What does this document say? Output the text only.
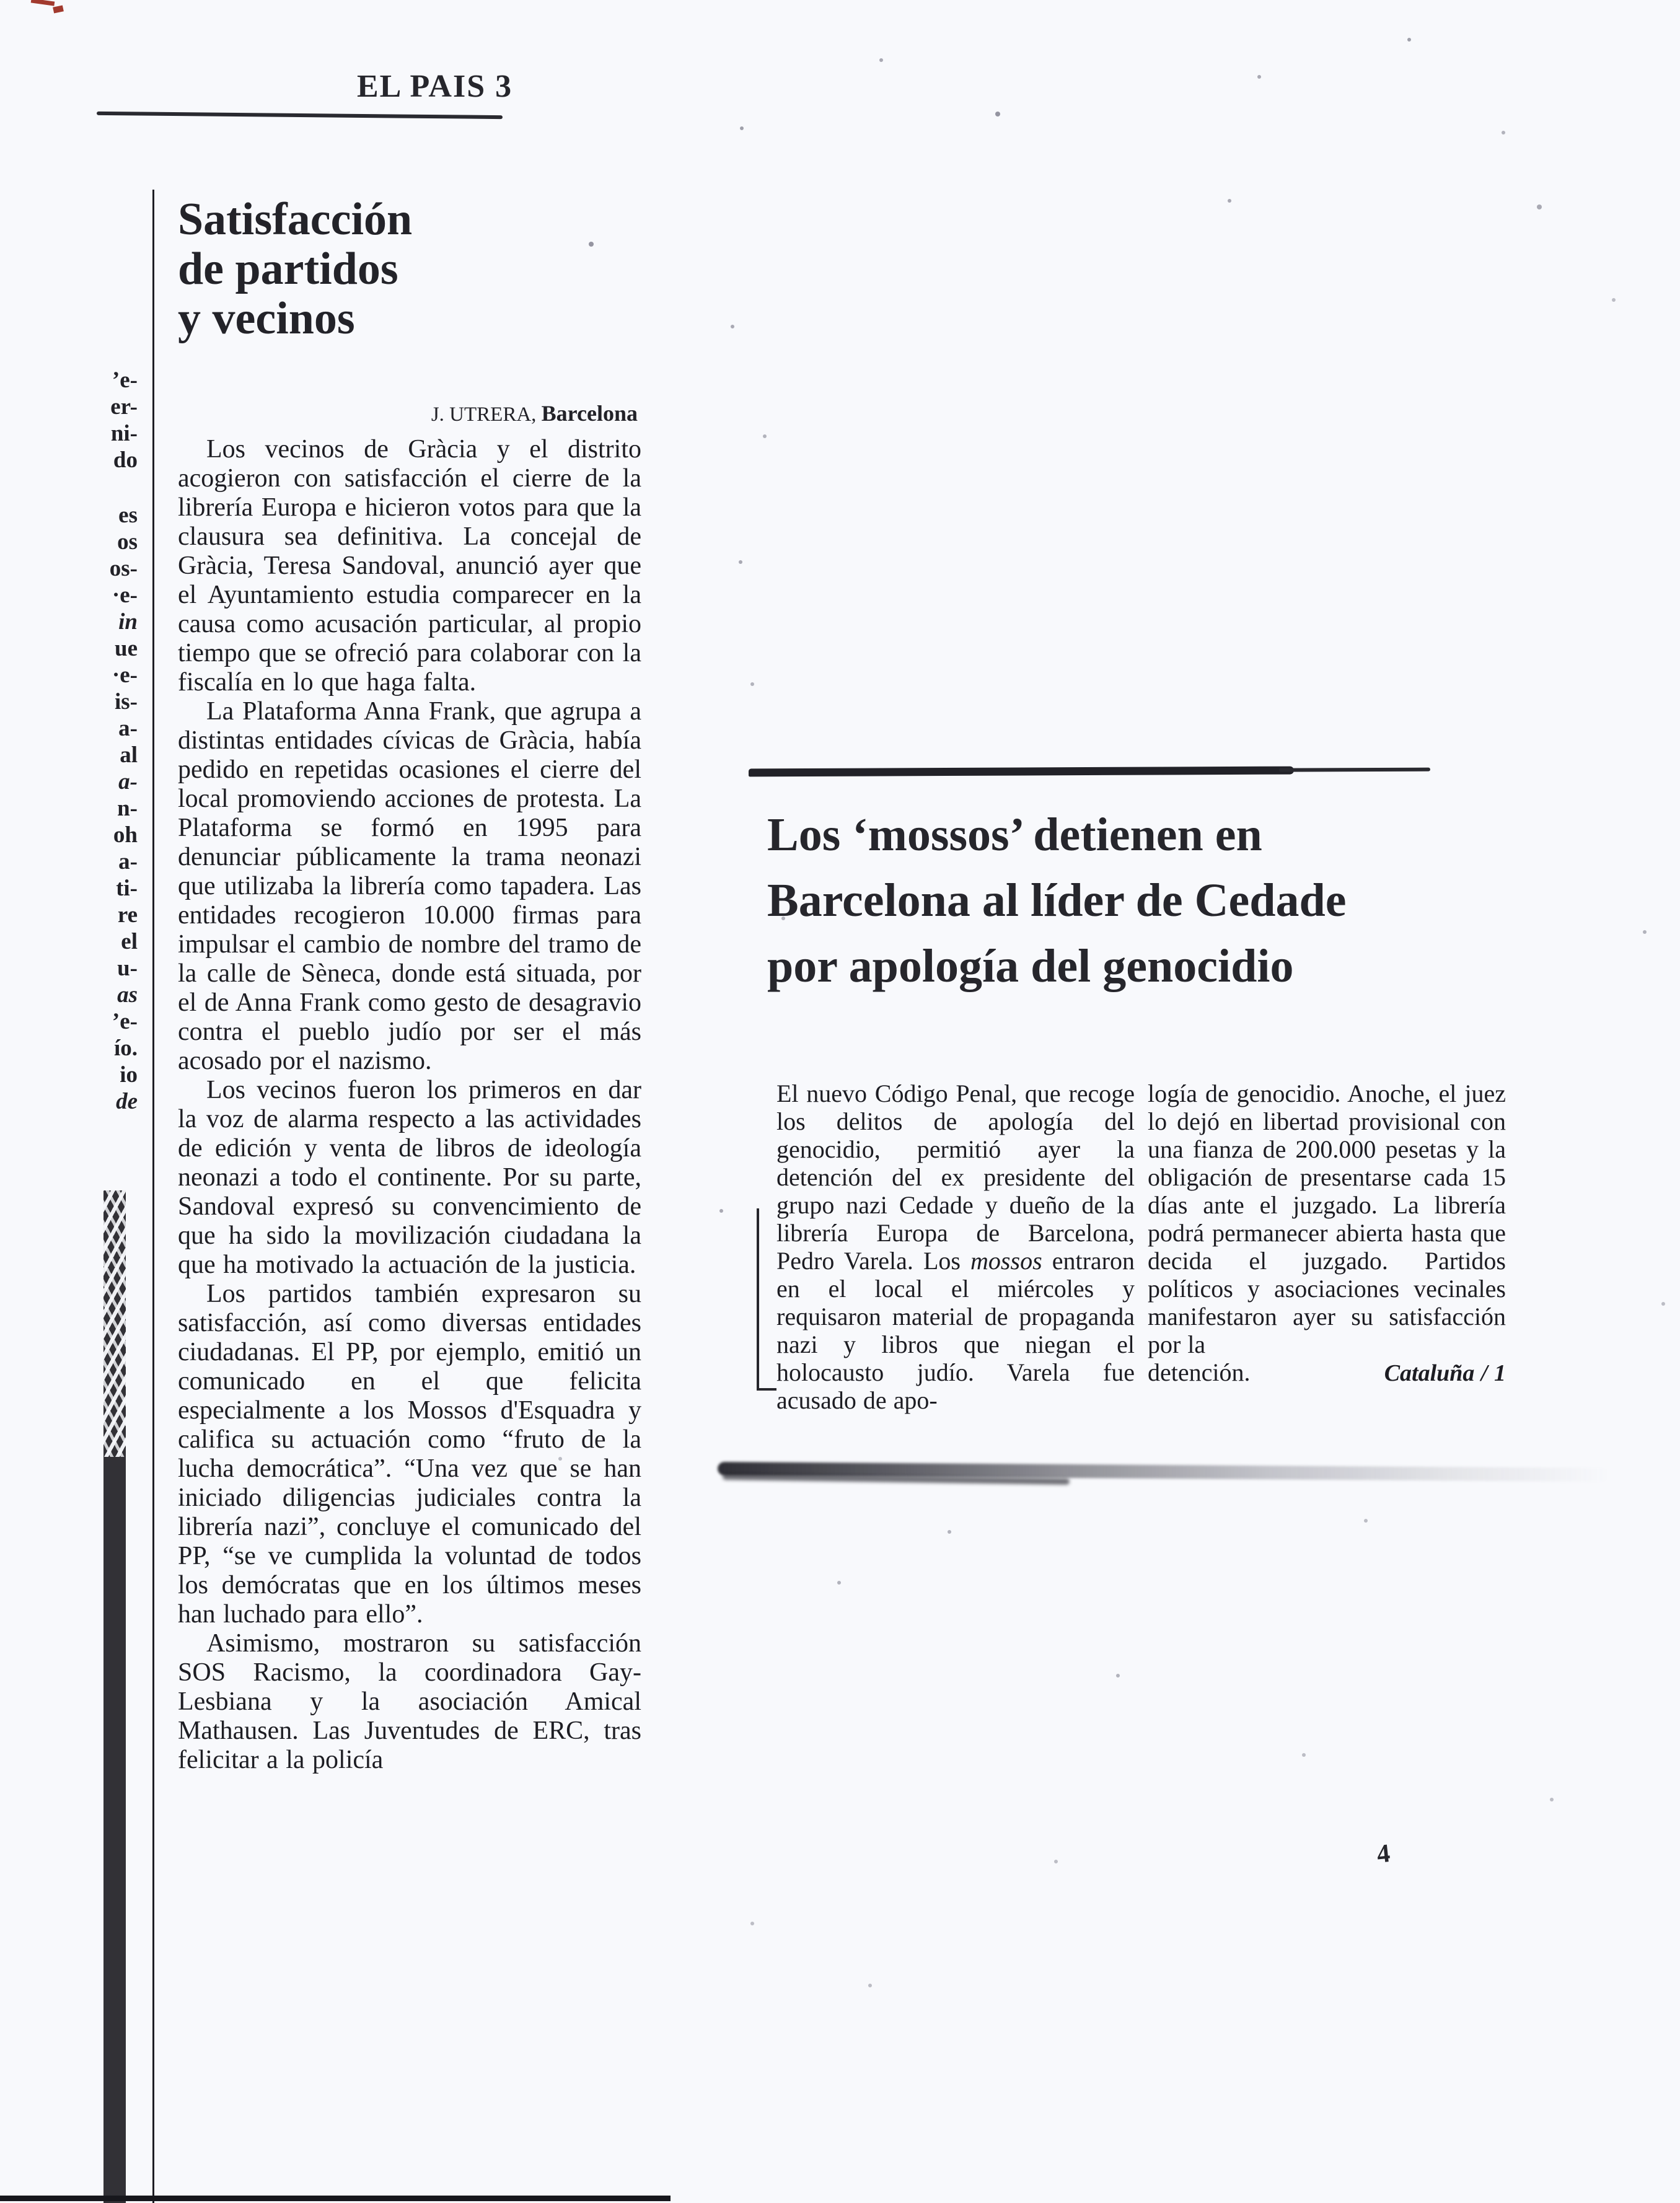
EL PAIS 3
’e-
er-
ni-
do
es
os
os-
·e-
in
ue
·e-
is-
a-
al
a-
n-
oh
a-
ti-
re
el
u-
as
’e-
ío.
io
de
Satisfacción
de partidos
y vecinos
J. UTRERA, Barcelona

Los vecinos de Gràcia y el distrito acogieron con satisfacción el cierre de la librería Europa e hicieron votos para que la clausura sea definitiva. La concejal de Gràcia, Teresa Sandoval, anunció ayer que el Ayuntamiento estudia comparecer en la causa como acusación particular, al propio tiempo que se ofreció para colaborar con la fiscalía en lo que haga falta.

La Plataforma Anna Frank, que agrupa a distintas entidades cívicas de Gràcia, había pedido en repetidas ocasiones el cierre del local promoviendo acciones de protesta. La Plataforma se formó en 1995 para denunciar públicamente la trama neonazi que utilizaba la librería como tapadera. Las entidades recogieron 10.000 firmas para impulsar el cambio de nombre del tramo de la calle de Sèneca, donde está situada, por el de Anna Frank como gesto de desagravio contra el pueblo judío por ser el más acosado por el nazismo.

Los vecinos fueron los primeros en dar la voz de alarma respecto a las actividades de edición y venta de libros de ideología neonazi a todo el continente. Por su parte, Sandoval expresó su convencimiento de que ha sido la movilización ciudadana la que ha motivado la actuación de la justicia.

Los partidos también expresaron su satisfacción, así como diversas entidades ciudadanas. El PP, por ejemplo, emitió un comunicado en el que felicita especialmente a los Mossos d'Esquadra y califica su actuación como “fruto de la lucha democrática”. “Una vez que se han iniciado diligencias judiciales contra la librería nazi”, concluye el comunicado del PP, “se ve cumplida la voluntad de todos los demócratas que en los últimos meses han luchado para ello”.

Asimismo, mostraron su satisfacción SOS Racismo, la coordinadora Gay-Lesbiana y la asociación Amical Mathausen. Las Juventudes de ERC, tras felicitar a la policía

Los ‘mossos’ detienen en
Barcelona al líder de Cedade
por apología del genocidio

El nuevo Código Penal, que recoge los delitos de apología del genocidio, permitió ayer la detención del ex presidente del grupo nazi Cedade y dueño de la librería Europa de Barcelona, Pedro Varela. Los mossos entraron en el local el miércoles y requisaron material de propaganda nazi y libros que niegan el holocausto judío. Varela fue acusado de apo-

logía de genocidio. Anoche, el juez lo dejó en libertad provisional con una fianza de 200.000 pesetas y la obligación de presentarse cada 15 días ante el juzgado. La librería podrá permanecer abierta hasta que decida el juzgado. Partidos políticos y asociaciones vecinales manifestaron ayer su satisfacción por la

detención.	Cataluña / 1
4
